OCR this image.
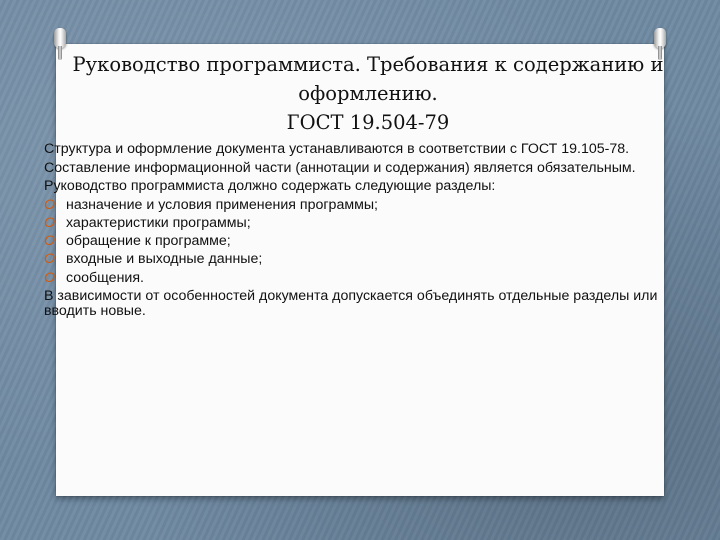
Руководство программиста. Требования к содержанию и
оформлению.
ГОСТ 19.504-79

Структура и оформление документа устанавливаются в соответствии с ГОСТ 19.105-78.

Составление информационной части (аннотации и содержания) является обязательным.

Руководство программиста должно содержать следующие разделы:

O назначение и условия применения программы;
O характеристики программы;
O обращение к программе;
O входные и выходные данные;
O сообщения.

В зависимости от особенностей документа допускается объединять отдельные разделы или вводить новые.
